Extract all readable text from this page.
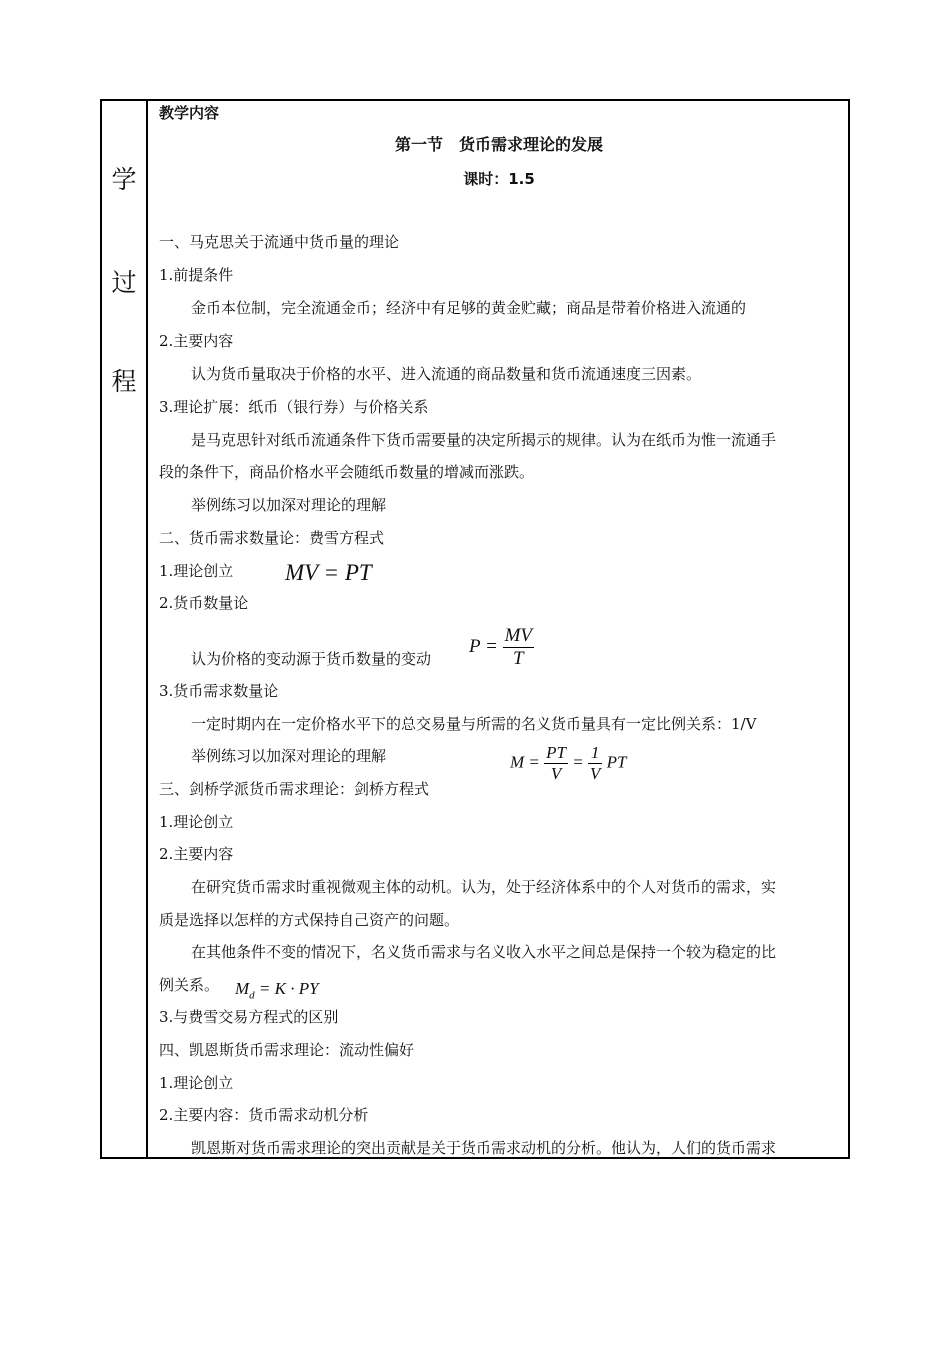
学
过
程
教学内容
第一节　货币需求理论的发展
课时：1.5
一、马克思关于流通中货币量的理论
1.前提条件
金币本位制，完全流通金币；经济中有足够的黄金贮藏；商品是带着价格进入流通的
2.主要内容
认为货币量取决于价格的水平、进入流通的商品数量和货币流通速度三因素。
3.理论扩展：纸币（银行券）与价格关系
是马克思针对纸币流通条件下货币需要量的决定所揭示的规律。认为在纸币为惟一流通手
段的条件下，商品价格水平会随纸币数量的增减而涨跌。
举例练习以加深对理论的理解
二、货币需求数量论：费雪方程式
1.理论创立 MV = PT
2.货币数量论
认为价格的变动源于货币数量的变动
$P = \frac{MV}{T}$
3.货币需求数量论
一定时期内在一定价格水平下的总交易量与所需的名义货币量具有一定比例关系：1/V
举例练习以加深对理论的理解	$M = \frac{PT}{V} = \frac{1}{V}$ PT
三、剑桥学派货币需求理论：剑桥方程式
1.理论创立
2.主要内容
在研究货币需求时重视微观主体的动机。认为，处于经济体系中的个人对货币的需求，实
质是选择以怎样的方式保持自己资产的问题。
在其他条件不变的情况下，名义货币需求与名义收入水平之间总是保持一个较为稳定的比
例关系。 $M_d = K$ · PY
3.与费雪交易方程式的区别
四、凯恩斯货币需求理论：流动性偏好
1.理论创立
2.主要内容：货币需求动机分析
凯恩斯对货币需求理论的突出贡献是关于货币需求动机的分析。他认为，人们的货币需求
